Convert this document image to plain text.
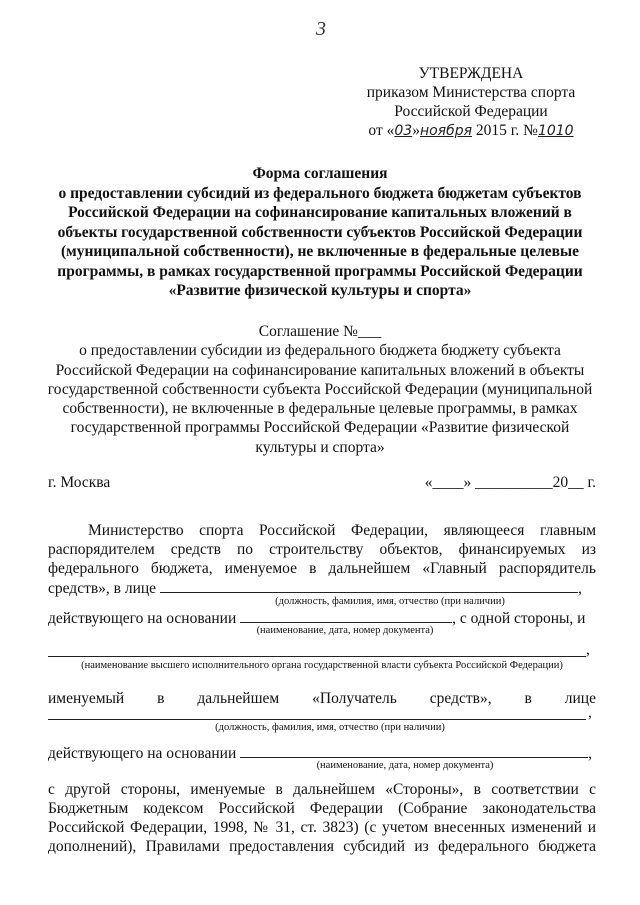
3
УТВЕРЖДЕНА
приказом Министерства спорта
Российской Федерации
от «03»ноября 2015 г. №1010
Форма соглашения
о предоставлении субсидий из федерального бюджета бюджетам субъектов
Российской Федерации на софинансирование капитальных вложений в
объекты государственной собственности субъектов Российской Федерации
(муниципальной собственности), не включенные в федеральные целевые
программы, в рамках государственной программы Российской Федерации
«Развитие физической культуры и спорта»
Соглашение №___
о предоставлении субсидии из федерального бюджета бюджету субъекта
Российской Федерации на софинансирование капитальных вложений в объекты
государственной собственности субъекта Российской Федерации (муниципальной
собственности), не включенные в федеральные целевые программы, в рамках
государственной программы Российской Федерации «Развитие физической
культуры и спорта»
г. Москва	«____» __________20__ г.
Министерство спорта Российской Федерации, являющееся главным
распорядителем средств по строительству объектов, финансируемых из
федерального бюджета, именуемое в дальнейшем «Главный распорядитель
средств», в лице	,
(должность, фамилия, имя, отчество (при наличии)
действующего на основании	, с одной стороны, и
(наименование, дата, номер документа)
,
(наименование высшего исполнительного органа государственной власти субъекта Российской Федерации)
именуемый в дальнейшем «Получатель средств», в лице
,
(должность, фамилия, имя, отчество (при наличии)
действующего на основании	,
(наименование, дата, номер документа)
с другой стороны, именуемые в дальнейшем «Стороны», в соответствии с
Бюджетным кодексом Российской Федерации (Собрание законодательства
Российской Федерации, 1998, № 31, ст. 3823) (с учетом внесенных изменений и
дополнений), Правилами предоставления субсидий из федерального бюджета
